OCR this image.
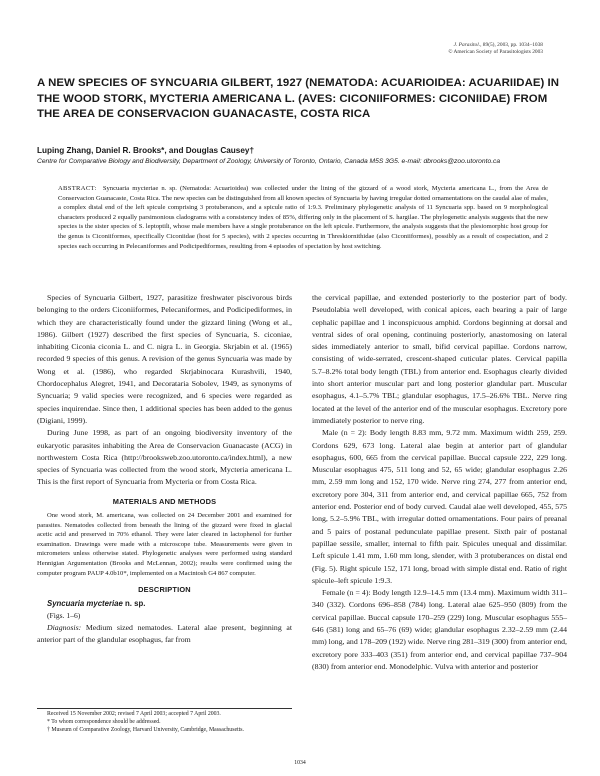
J. Parasitol., 89(5), 2003, pp. 1034–1038
© American Society of Parasitologists 2003
A NEW SPECIES OF SYNCUARIA GILBERT, 1927 (NEMATODA: ACUARIOIDEA: ACUARIIDAE) IN THE WOOD STORK, MYCTERIA AMERICANA L. (AVES: CICONIIFORMES: CICONIIDAE) FROM THE AREA DE CONSERVACION GUANACASTE, COSTA RICA
Luping Zhang, Daniel R. Brooks*, and Douglas Causey†
Centre for Comparative Biology and Biodiversity, Department of Zoology, University of Toronto, Ontario, Canada M5S 3G5. e-mail: dbrooks@zoo.utoronto.ca

ABSTRACT: Syncuaria mycteriae n. sp. (Nematoda: Acuarioidea) was collected under the lining of the gizzard of a wood stork, Mycteria americana L., from the Area de Conservacion Guanacaste, Costa Rica. The new species can be distinguished from all known species of Syncuaria by having irregular dotted ornamentations on the caudal alae of males, a complex distal end of the left spicule comprising 3 protuberances, and a spicule ratio of 1:9.3. Preliminary phylogenetic analysis of 11 Syncuaria spp. based on 9 morphological characters produced 2 equally parsimonious cladograms with a consistency index of 85%, differing only in the placement of S. hargilae. The phylogenetic analysis suggests that the new species is the sister species of S. leptoptili, whose male members have a single protuberance on the left spicule. Furthermore, the analysis suggests that the plesiomorphic host group for the genus is Ciconiiformes, specifically Ciconiidae (host for 5 species), with 2 species occurring in Threskiornithidae (also Ciconiiformes), possibly as a result of cospeciation, and 2 species each occurring in Pelecaniformes and Podicipediformes, resulting from 4 episodes of speciation by host switching.

Species of Syncuaria Gilbert, 1927, parasitize freshwater piscivorous birds belonging to the orders Ciconiiformes, Pelecaniformes, and Podicipediformes, in which they are characteristically found under the gizzard lining (Wong et al., 1986). Gilbert (1927) described the first species of Syncuaria, S. ciconiae, inhabiting Ciconia ciconia L. and C. nigra L. in Georgia. Skrjabin et al. (1965) recorded 9 species of this genus. A revision of the genus Syncuaria was made by Wong et al. (1986), who regarded Skrjabinocara Kurashvili, 1940, Chordocephalus Alegret, 1941, and Decorataria Sobolev, 1949, as synonyms of Syncuaria; 9 valid species were recognized, and 6 species were regarded as species inquirendae. Since then, 1 additional species has been added to the genus (Digiani, 1999).

During June 1998, as part of an ongoing biodiversity inventory of the eukaryotic parasites inhabiting the Area de Conservacion Guanacaste (ACG) in northwestern Costa Rica (http://brooksweb.zoo.utoronto.ca/index.html), a new species of Syncuaria was collected from the wood stork, Mycteria americana L. This is the first report of Syncuaria from Mycteria or from Costa Rica.

MATERIALS AND METHODS

One wood stork, M. americana, was collected on 24 December 2001 and examined for parasites. Nematodes collected from beneath the lining of the gizzard were fixed in glacial acetic acid and preserved in 70% ethanol. They were later cleared in lactophenol for further examination. Drawings were made with a microscope tube. Measurements were given in micrometers unless otherwise stated. Phylogenetic analyses were performed using standard Hennigian Argumentation (Brooks and McLennan, 2002); results were confirmed using the computer program PAUP 4.0b10*, implemented on a Macintosh G4 867 computer.

DESCRIPTION

Syncuaria mycteriae n. sp.

(Figs. 1–6)

Diagnosis: Medium sized nematodes. Lateral alae present, beginning at anterior part of the glandular esophagus, far from

the cervical papillae, and extended posteriorly to the posterior part of body. Pseudolabia well developed, with conical apices, each bearing a pair of large cephalic papillae and 1 inconspicuous amphid. Cordons beginning at dorsal and ventral sides of oral opening, continuing posteriorly, anastomosing on lateral sides immediately anterior to small, bifid cervical papillae. Cordons narrow, consisting of wide-serrated, crescent-shaped cuticular plates. Cervical papilla 5.7–8.2% total body length (TBL) from anterior end. Esophagus clearly divided into short anterior muscular part and long posterior glandular part. Muscular esophagus, 4.1–5.7% TBL; glandular esophagus, 17.5–26.6% TBL. Nerve ring located at the level of the anterior end of the muscular esophagus. Excretory pore immediately posterior to nerve ring.

Male (n = 2): Body length 8.83 mm, 9.72 mm. Maximum width 259, 259. Cordons 629, 673 long. Lateral alae begin at anterior part of glandular esophagus, 600, 665 from the cervical papillae. Buccal capsule 222, 229 long. Muscular esophagus 475, 511 long and 52, 65 wide; glandular esophagus 2.26 mm, 2.59 mm long and 152, 170 wide. Nerve ring 274, 277 from anterior end, excretory pore 304, 311 from anterior end, and cervical papillae 665, 752 from anterior end. Posterior end of body curved. Caudal alae well developed, 455, 575 long, 5.2–5.9% TBL, with irregular dotted ornamentations. Four pairs of preanal and 5 pairs of postanal pedunculate papillae present. Sixth pair of postanal papillae sessile, smaller, internal to fifth pair. Spicules unequal and dissimilar. Left spicule 1.41 mm, 1.60 mm long, slender, with 3 protuberances on distal end (Fig. 5). Right spicule 152, 171 long, broad with simple distal end. Ratio of right spicule–left spicule 1:9.3.

Female (n = 4): Body length 12.9–14.5 mm (13.4 mm). Maximum width 311–340 (332). Cordons 696–858 (784) long. Lateral alae 625–950 (809) from the cervical papillae. Buccal capsule 170–259 (229) long. Muscular esophagus 555–646 (581) long and 65–76 (69) wide; glandular esophagus 2.32–2.59 mm (2.44 mm) long, and 178–209 (192) wide. Nerve ring 281–319 (300) from anterior end, excretory pore 333–403 (351) from anterior end, and cervical papillae 737–904 (830) from anterior end. Monodelphic. Vulva with anterior and posterior

Received 15 November 2002; revised 7 April 2003; accepted 7 April 2003.

* To whom correspondence should be addressed.

† Museum of Comparative Zoology, Harvard University, Cambridge, Massachusetts.

1034
